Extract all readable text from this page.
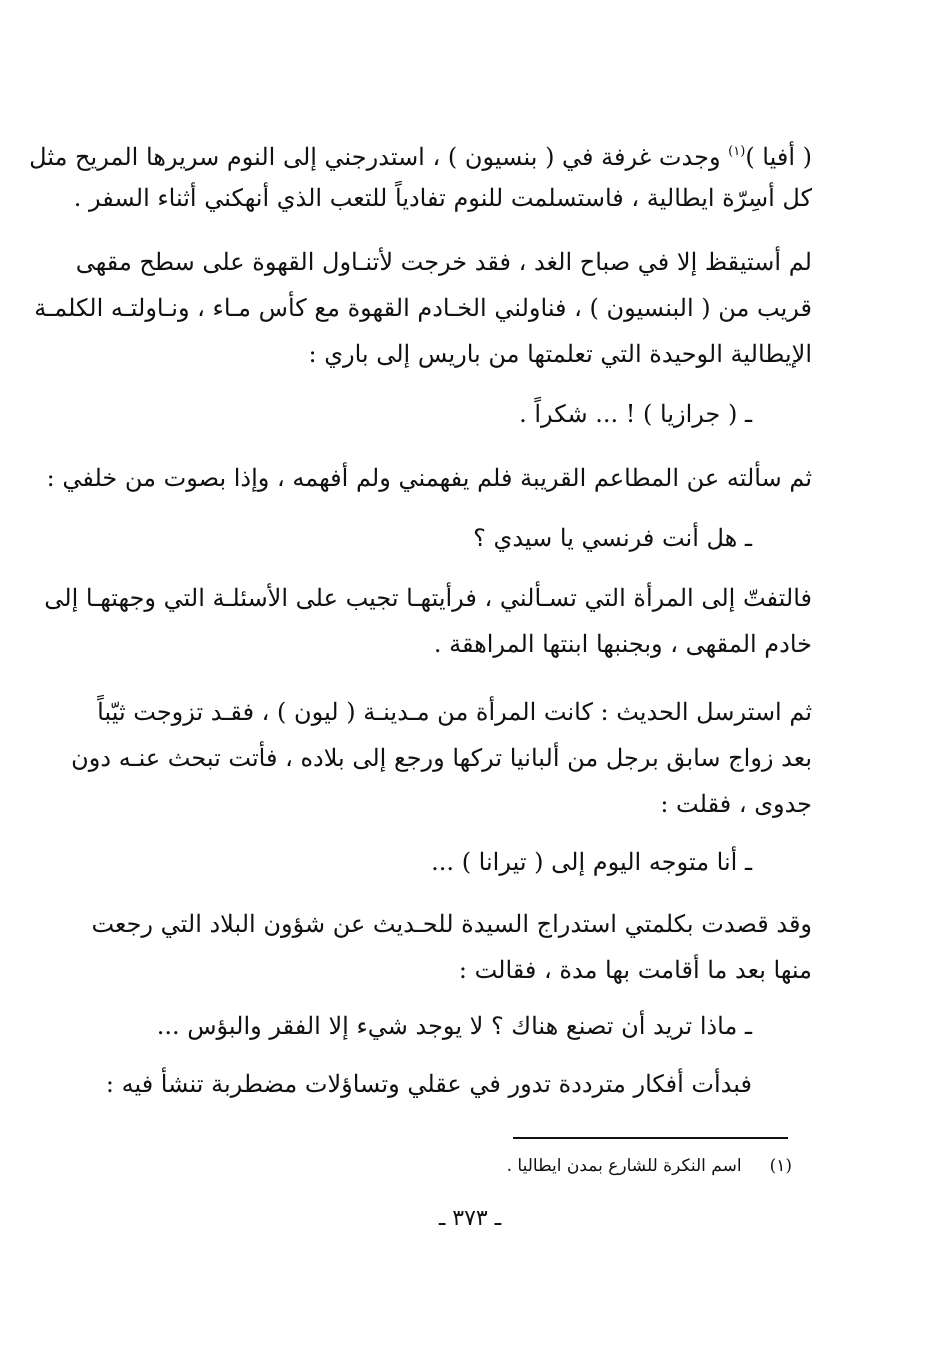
( أفيا )$^{(١)}$ وجدت غرفة في ( بنسيون ) ، استدرجني إلى النوم سريرها المريح مثل
كل أسِرّة ايطالية ، فاستسلمت للنوم تفادياً للتعب الذي أنهكني أثناء السفر .
لم أستيقظ إلا في صباح الغد ، فقد خرجت لأتنـاول القهوة على سطح مقهى
قريب من ( البنسيون ) ، فناولني الخـادم القهوة مع كأس مـاء ، ونـاولتـه الكلمـة
الإيطالية الوحيدة التي تعلمتها من باريس إلى باري :
ـ ( جرازيا ) ! ... شكراً .
ثم سألته عن المطاعم القريبة فلم يفهمني ولم أفهمه ، وإذا بصوت من خلفي :
ـ هل أنت فرنسي يا سيدي ؟
فالتفتّ إلى المرأة التي تسـألني ، فرأيتهـا تجيب على الأسئلـة التي وجهتهـا إلى
خادم المقهى ، وبجنبها ابنتها المراهقة .
ثم استرسل الحديث : كانت المرأة من مـدينـة ( ليون ) ، فقـد تزوجت ثيّباً
بعد زواج سابق برجل من ألبانيا تركها ورجع إلى بلاده ، فأتت تبحث عنـه دون
جدوى ، فقلت :
ـ أنا متوجه اليوم إلى ( تيرانا ) ...
وقد قصدت بكلمتي استدراج السيدة للحـديث عن شؤون البلاد التي رجعت
منها بعد ما أقامت بها مدة ، فقالت :
ـ ماذا تريد أن تصنع هناك ؟ لا يوجد شيء إلا الفقر والبؤس ...
فبدأت أفكار مترددة تدور في عقلي وتساؤلات مضطربة تنشأ فيه :
(١)اسم النكرة للشارع بمدن ايطاليا .
ـ ٣٧٣ ـ
